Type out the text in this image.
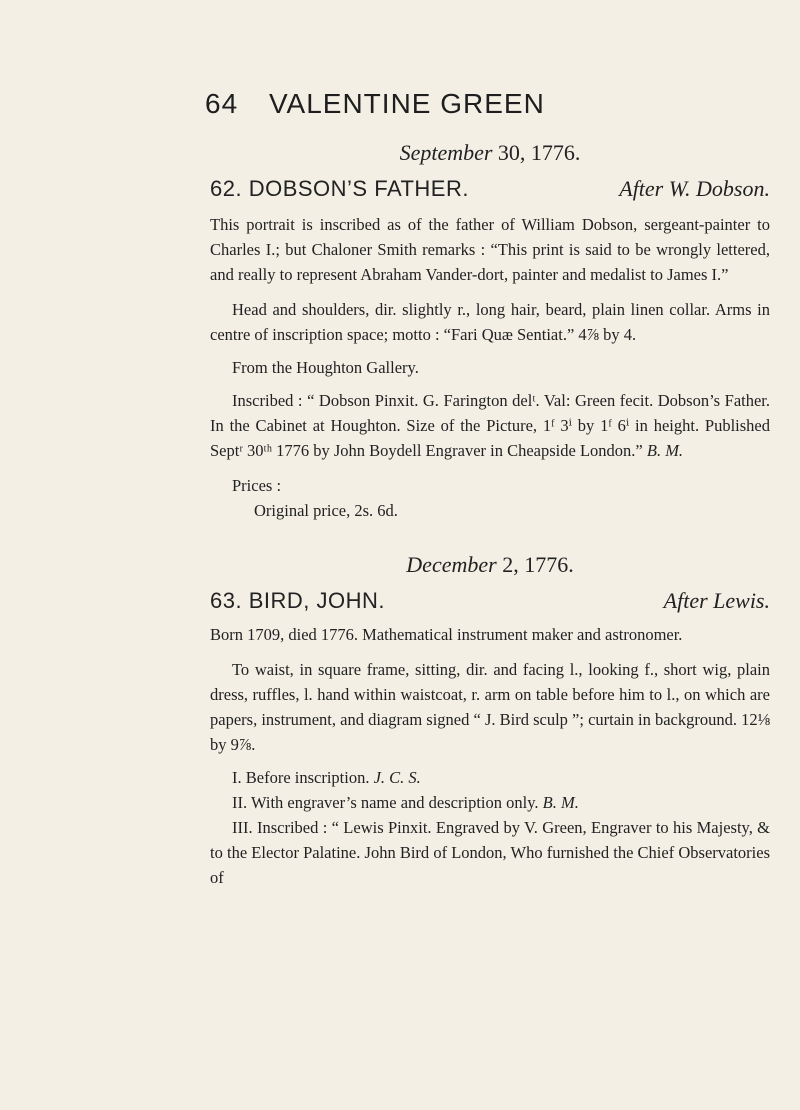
64 VALENTINE GREEN
September 30, 1776.
62. DOBSON’S FATHER.	After W. Dobson.

This portrait is inscribed as of the father of William Dobson, sergeant-painter to Charles I.; but Chaloner Smith remarks : “This print is said to be wrongly lettered, and really to represent Abraham Vander-dort, painter and medalist to James I.”

Head and shoulders, dir. slightly r., long hair, beard, plain linen collar. Arms in centre of inscription space; motto : “Fari Quæ Sentiat.” 4⅞ by 4.

From the Houghton Gallery.

Inscribed : “ Dobson Pinxit. G. Farington delᵗ. Val: Green fecit. Dobson’s Father. In the Cabinet at Houghton. Size of the Picture, 1ᶠ 3ⁱ by 1ᶠ 6ⁱ in height. Published Septʳ 30ᵗʰ 1776 by John Boydell Engraver in Cheapside London.” B. M.

Prices :

Original price, 2s. 6d.

December 2, 1776.
63. BIRD, JOHN.	After Lewis.

Born 1709, died 1776. Mathematical instrument maker and astronomer.

To waist, in square frame, sitting, dir. and facing l., looking f., short wig, plain dress, ruffles, l. hand within waistcoat, r. arm on table before him to l., on which are papers, instrument, and diagram signed “ J. Bird sculp ”; curtain in background. 12⅛ by 9⅞.

I. Before inscription. J. C. S.

II. With engraver’s name and description only. B. M.

III. Inscribed : “ Lewis Pinxit. Engraved by V. Green, Engraver to his Majesty, & to the Elector Palatine. John Bird of London, Who furnished the Chief Observatories of
